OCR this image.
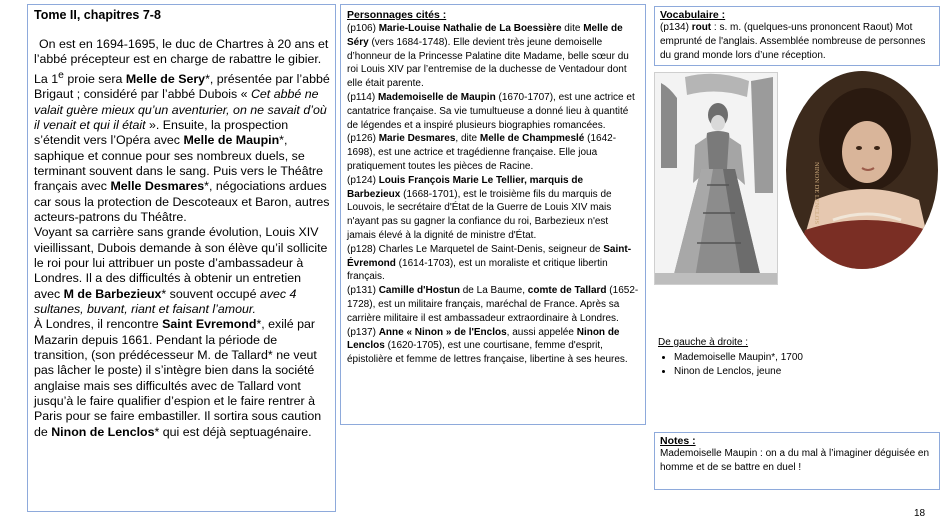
Tome II, chapitres 7-8

On est en 1694-1695, le duc de Chartres à 20 ans et l’abbé précepteur est en charge de rabattre le gibier. La 1e proie sera Melle de Sery*, présentée par l’abbé Brigaut ; considéré par l’abbé Dubois « Cet abbé ne valait guère mieux qu’un aventurier, on ne savait d’où il venait et qui il était ». Ensuite, la prospection s’étendit vers l’Opéra avec Melle de Maupin*, saphique et connue pour ses nombreux duels, se terminant souvent dans le sang. Puis vers le Théâtre français avec Melle Desmares*, négociations ardues car sous la protection de Descoteaux et Baron, autres acteurs-patrons du Théâtre.

Voyant sa carrière sans grande évolution, Louis XIV vieillissant, Dubois demande à son élève qu’il sollicite le roi pour lui attribuer un poste d’ambassadeur à Londres. Il a des difficultés à obtenir un entretien avec M de Barbezieux* souvent occupé avec 4 sultanes, buvant, riant et faisant l’amour.

À Londres, il rencontre Saint Evremond*, exilé par Mazarin depuis 1661. Pendant la période de transition, (son prédécesseur M. de Tallard* ne veut pas lâcher le poste) il s’intègre bien dans la société anglaise mais ses difficultés avec de Tallard vont jusqu’à le faire qualifier d’espion et le faire rentrer à Paris pour se faire embastiller. Il sortira sous caution de Ninon de Lenclos* qui est déjà septuagénaire.

Personnages cités :

(p106) Marie-Louise Nathalie de La Boessière dite Melle de Séry (vers 1684-1748). Elle devient très jeune demoiselle d’honneur de la Princesse Palatine dite Madame, belle sœur du roi Louis XIV par l’entremise de la duchesse de Ventadour dont elle était parente.

(p114) Mademoiselle de Maupin (1670-1707), est une actrice et cantatrice française. Sa vie tumultueuse a donné lieu à quantité de légendes et a inspiré plusieurs biographies romancées.

(p126) Marie Desmares, dite Melle de Champmeslé (1642-1698), est une actrice et tragédienne française. Elle joua pratiquement toutes les pièces de Racine.

(p124) Louis François Marie Le Tellier, marquis de Barbezieux (1668-1701), est le troisième fils du marquis de Louvois, le secrétaire d'État de la Guerre de Louis XIV mais n'ayant pas su gagner la confiance du roi, Barbezieux n'est jamais élevé à la dignité de ministre d'État.

(p128) Charles Le Marquetel de Saint-Denis, seigneur de Saint-Évremond (1614-1703), est un moraliste et critique libertin français.

(p131) Camille d'Hostun de La Baume, comte de Tallard (1652-1728), est un militaire français, maréchal de France. Après sa carrière militaire il est ambassadeur extraordinaire à Londres.

(p137) Anne « Ninon » de l'Enclos, aussi appelée Ninon de Lenclos (1620-1705), est une courtisane, femme d'esprit, épistolière et femme de lettres française, libertine à ses heures.

Vocabulaire :

(p134) rout : s. m. (quelques-uns prononcent Raout) Mot emprunté de l'anglais. Assemblée nombreuse de personnes du grand monde lors d’une réception.

NINON DE LENCLOS
De gauche à droite :
• Mademoiselle Maupin*, 1700
• Ninon de Lenclos, jeune
Notes :

Mademoiselle Maupin : on a du mal à l’imaginer déguisée en homme et de se battre en duel !

18
